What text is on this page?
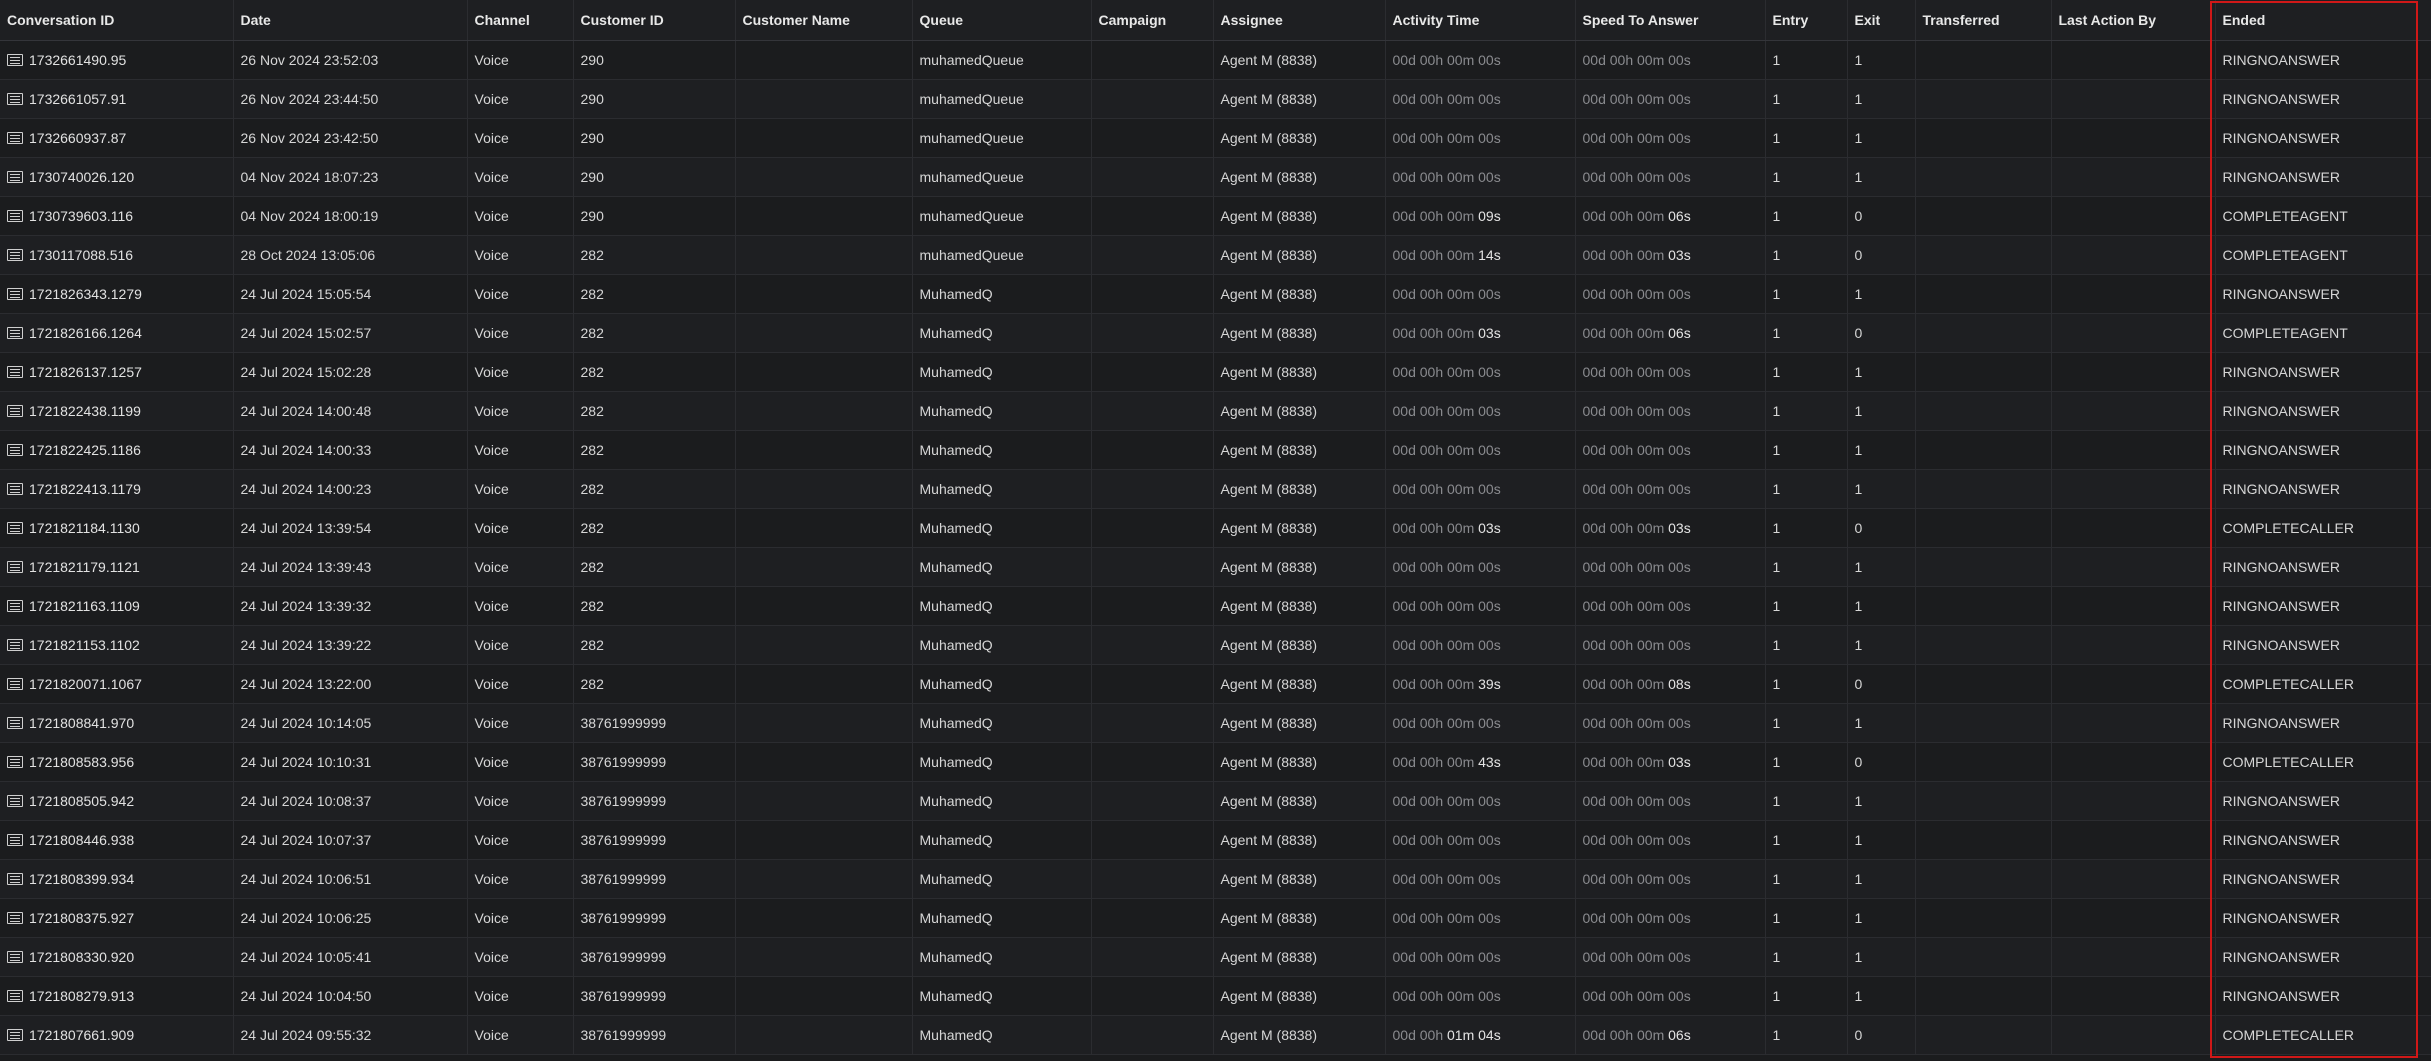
Conversation ID	Date	Channel	Customer ID	Customer Name	Queue	Campaign	Assignee	Activity Time	Speed To Answer	Entry	Exit	Transferred	Last Action By	Ended

1732661490.95	26 Nov 2024 23:52:03	Voice	290		muhamedQueue		Agent M (8838)	00d 00h 00m 00s	00d 00h 00m 00s	1	1			RINGNOANSWER

1732661057.91	26 Nov 2024 23:44:50	Voice	290		muhamedQueue		Agent M (8838)	00d 00h 00m 00s	00d 00h 00m 00s	1	1			RINGNOANSWER

1732660937.87	26 Nov 2024 23:42:50	Voice	290		muhamedQueue		Agent M (8838)	00d 00h 00m 00s	00d 00h 00m 00s	1	1			RINGNOANSWER

1730740026.120	04 Nov 2024 18:07:23	Voice	290		muhamedQueue		Agent M (8838)	00d 00h 00m 00s	00d 00h 00m 00s	1	1			RINGNOANSWER

1730739603.116	04 Nov 2024 18:00:19	Voice	290		muhamedQueue		Agent M (8838)	00d 00h 00m 09s	00d 00h 00m 06s	1	0			COMPLETEAGENT

1730117088.516	28 Oct 2024 13:05:06	Voice	282		muhamedQueue		Agent M (8838)	00d 00h 00m 14s	00d 00h 00m 03s	1	0			COMPLETEAGENT

1721826343.1279	24 Jul 2024 15:05:54	Voice	282		MuhamedQ		Agent M (8838)	00d 00h 00m 00s	00d 00h 00m 00s	1	1			RINGNOANSWER

1721826166.1264	24 Jul 2024 15:02:57	Voice	282		MuhamedQ		Agent M (8838)	00d 00h 00m 03s	00d 00h 00m 06s	1	0			COMPLETEAGENT

1721826137.1257	24 Jul 2024 15:02:28	Voice	282		MuhamedQ		Agent M (8838)	00d 00h 00m 00s	00d 00h 00m 00s	1	1			RINGNOANSWER

1721822438.1199	24 Jul 2024 14:00:48	Voice	282		MuhamedQ		Agent M (8838)	00d 00h 00m 00s	00d 00h 00m 00s	1	1			RINGNOANSWER

1721822425.1186	24 Jul 2024 14:00:33	Voice	282		MuhamedQ		Agent M (8838)	00d 00h 00m 00s	00d 00h 00m 00s	1	1			RINGNOANSWER

1721822413.1179	24 Jul 2024 14:00:23	Voice	282		MuhamedQ		Agent M (8838)	00d 00h 00m 00s	00d 00h 00m 00s	1	1			RINGNOANSWER

1721821184.1130	24 Jul 2024 13:39:54	Voice	282		MuhamedQ		Agent M (8838)	00d 00h 00m 03s	00d 00h 00m 03s	1	0			COMPLETECALLER

1721821179.1121	24 Jul 2024 13:39:43	Voice	282		MuhamedQ		Agent M (8838)	00d 00h 00m 00s	00d 00h 00m 00s	1	1			RINGNOANSWER

1721821163.1109	24 Jul 2024 13:39:32	Voice	282		MuhamedQ		Agent M (8838)	00d 00h 00m 00s	00d 00h 00m 00s	1	1			RINGNOANSWER

1721821153.1102	24 Jul 2024 13:39:22	Voice	282		MuhamedQ		Agent M (8838)	00d 00h 00m 00s	00d 00h 00m 00s	1	1			RINGNOANSWER

1721820071.1067	24 Jul 2024 13:22:00	Voice	282		MuhamedQ		Agent M (8838)	00d 00h 00m 39s	00d 00h 00m 08s	1	0			COMPLETECALLER

1721808841.970	24 Jul 2024 10:14:05	Voice	38761999999		MuhamedQ		Agent M (8838)	00d 00h 00m 00s	00d 00h 00m 00s	1	1			RINGNOANSWER

1721808583.956	24 Jul 2024 10:10:31	Voice	38761999999		MuhamedQ		Agent M (8838)	00d 00h 00m 43s	00d 00h 00m 03s	1	0			COMPLETECALLER

1721808505.942	24 Jul 2024 10:08:37	Voice	38761999999		MuhamedQ		Agent M (8838)	00d 00h 00m 00s	00d 00h 00m 00s	1	1			RINGNOANSWER

1721808446.938	24 Jul 2024 10:07:37	Voice	38761999999		MuhamedQ		Agent M (8838)	00d 00h 00m 00s	00d 00h 00m 00s	1	1			RINGNOANSWER

1721808399.934	24 Jul 2024 10:06:51	Voice	38761999999		MuhamedQ		Agent M (8838)	00d 00h 00m 00s	00d 00h 00m 00s	1	1			RINGNOANSWER

1721808375.927	24 Jul 2024 10:06:25	Voice	38761999999		MuhamedQ		Agent M (8838)	00d 00h 00m 00s	00d 00h 00m 00s	1	1			RINGNOANSWER

1721808330.920	24 Jul 2024 10:05:41	Voice	38761999999		MuhamedQ		Agent M (8838)	00d 00h 00m 00s	00d 00h 00m 00s	1	1			RINGNOANSWER

1721808279.913	24 Jul 2024 10:04:50	Voice	38761999999		MuhamedQ		Agent M (8838)	00d 00h 00m 00s	00d 00h 00m 00s	1	1			RINGNOANSWER

1721807661.909	24 Jul 2024 09:55:32	Voice	38761999999		MuhamedQ		Agent M (8838)	00d 00h 01m 04s	00d 00h 00m 06s	1	0			COMPLETECALLER
